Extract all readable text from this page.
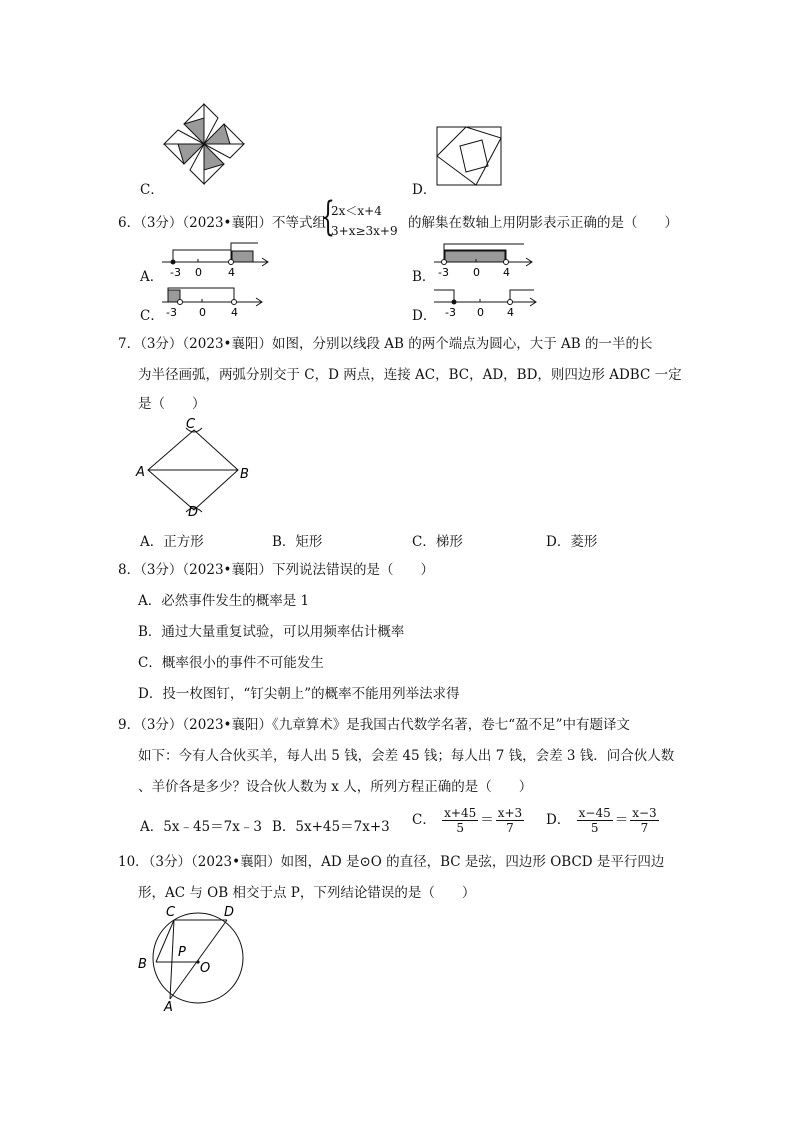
C．	D．
6．（3分）（2023•襄阳）不等式组
{
2x＜x+4
3+x≥3x+9 的解集在数轴上用阴影表示正确的是（　　）
A． -3 0 4	B． -3 0 4
C． -3 0 4	D． -3 0 4
7．（3分）（2023•襄阳）如图，分别以线段 AB 的两个端点为圆心，大于 AB 的一半的长
为半径画弧，两弧分别交于 C，D 两点，连接 AC，BC，AD，BD，则四边形 ADBC 一定
是（　　）
C
A	B
D
A．正方形	B．矩形	C．梯形	D．菱形
8．（3分）（2023•襄阳）下列说法错误的是（　　）
A．必然事件发生的概率是 1
B．通过大量重复试验，可以用频率估计概率
C．概率很小的事件不可能发生
D．投一枚图钉，“钉尖朝上”的概率不能用列举法求得
9．（3分）（2023•襄阳）《九章算术》是我国古代数学名著，卷七“盈不足”中有题译文
如下：今有人合伙买羊，每人出 5 钱，会差 45 钱；每人出 7 钱，会差 3 钱．问合伙人数
、羊价各是多少？设合伙人数为 x 人，所列方程正确的是（　　）
A．5x﹣45＝7x﹣3 B．5x+45＝7x+3 C． $\frac{x+45}{5} = \frac{x+3}{7}$ D． $\frac{x-45}{5} = \frac{x-3}{7}$
10．（3分）（2023•襄阳）如图，AD 是⊙O 的直径，BC 是弦，四边形 OBCD 是平行四边
形，AC 与 OB 相交于点 P，下列结论错误的是（　　）
C	D
P
B	O
A
